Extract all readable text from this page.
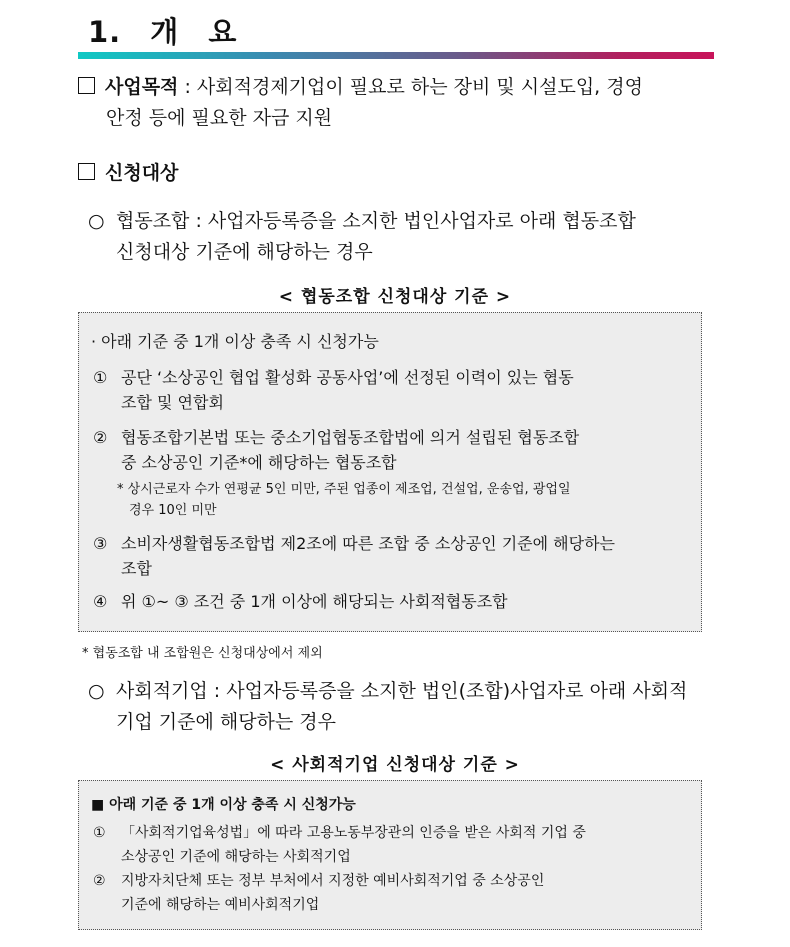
1. 개 요
사업목적 : 사회적경제기업이 필요로 하는 장비 및 시설도입, 경영
안정 등에 필요한 자금 지원
신청대상
○ 협동조합 : 사업자등록증을 소지한 법인사업자로 아래 협동조합
신청대상 기준에 해당하는 경우
< 협동조합 신청대상 기준 >
· 아래 기준 중 1개 이상 충족 시 신청가능
① 공단 ‘소상공인 협업 활성화 공동사업’에 선정된 이력이 있는 협동
조합 및 연합회
② 협동조합기본법 또는 중소기업협동조합법에 의거 설립된 협동조합
중 소상공인 기준*에 해당하는 협동조합
* 상시근로자 수가 연평균 5인 미만, 주된 업종이 제조업, 건설업, 운송업, 광업일
경우 10인 미만
③ 소비자생활협동조합법 제2조에 따른 조합 중 소상공인 기준에 해당하는
조합
④ 위 ①~ ③ 조건 중 1개 이상에 해당되는 사회적협동조합
* 협동조합 내 조합원은 신청대상에서 제외
○ 사회적기업 : 사업자등록증을 소지한 법인(조합)사업자로 아래 사회적
기업 기준에 해당하는 경우
< 사회적기업 신청대상 기준 >
■ 아래 기준 중 1개 이상 충족 시 신청가능
① 「사회적기업육성법」에 따라 고용노동부장관의 인증을 받은 사회적 기업 중
소상공인 기준에 해당하는 사회적기업
② 지방자치단체 또는 정부 부처에서 지정한 예비사회적기업 중 소상공인
기준에 해당하는 예비사회적기업
